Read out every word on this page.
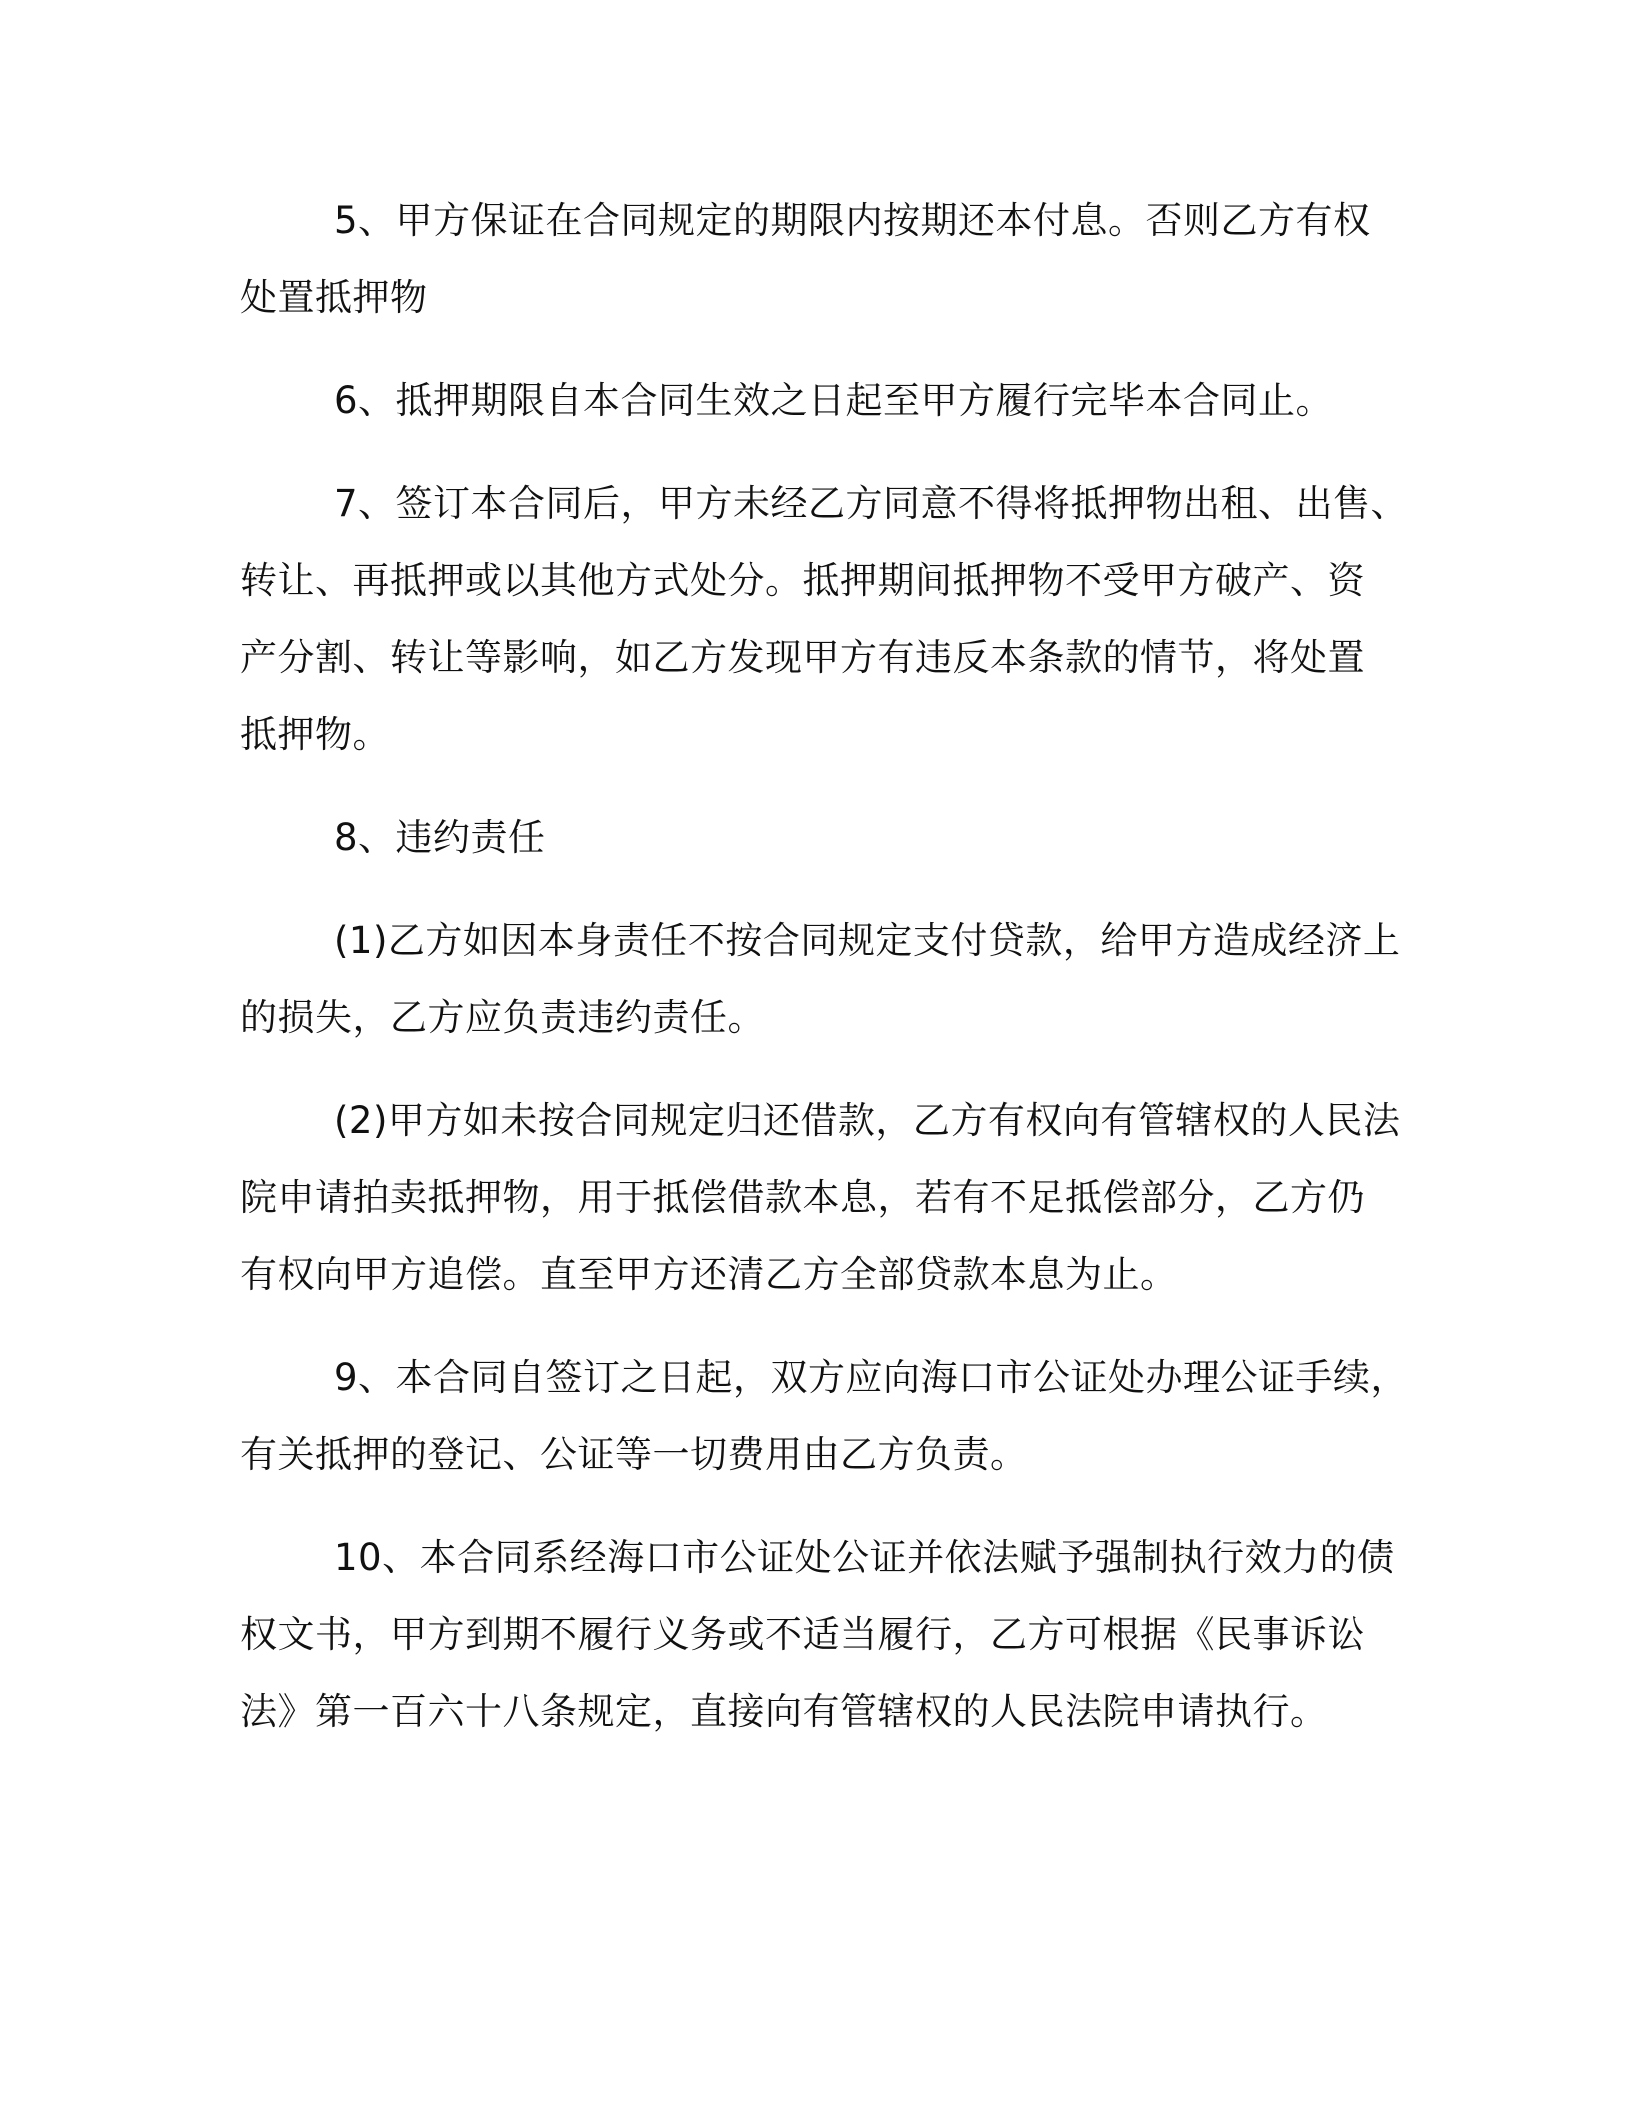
5、甲方保证在合同规定的期限内按期还本付息。否则乙方有权
处置抵押物

6、抵押期限自本合同生效之日起至甲方履行完毕本合同止。

7、签订本合同后，甲方未经乙方同意不得将抵押物出租、出售、
转让、再抵押或以其他方式处分。抵押期间抵押物不受甲方破产、资
产分割、转让等影响，如乙方发现甲方有违反本条款的情节，将处置
抵押物。

8、违约责任

(1)乙方如因本身责任不按合同规定支付贷款，给甲方造成经济上
的损失，乙方应负责违约责任。

(2)甲方如未按合同规定归还借款，乙方有权向有管辖权的人民法
院申请拍卖抵押物，用于抵偿借款本息，若有不足抵偿部分，乙方仍
有权向甲方追偿。直至甲方还清乙方全部贷款本息为止。

9、本合同自签订之日起，双方应向海口市公证处办理公证手续，
有关抵押的登记、公证等一切费用由乙方负责。

10、本合同系经海口市公证处公证并依法赋予强制执行效力的债
权文书，甲方到期不履行义务或不适当履行，乙方可根据《民事诉讼
法》第一百六十八条规定，直接向有管辖权的人民法院申请执行。
